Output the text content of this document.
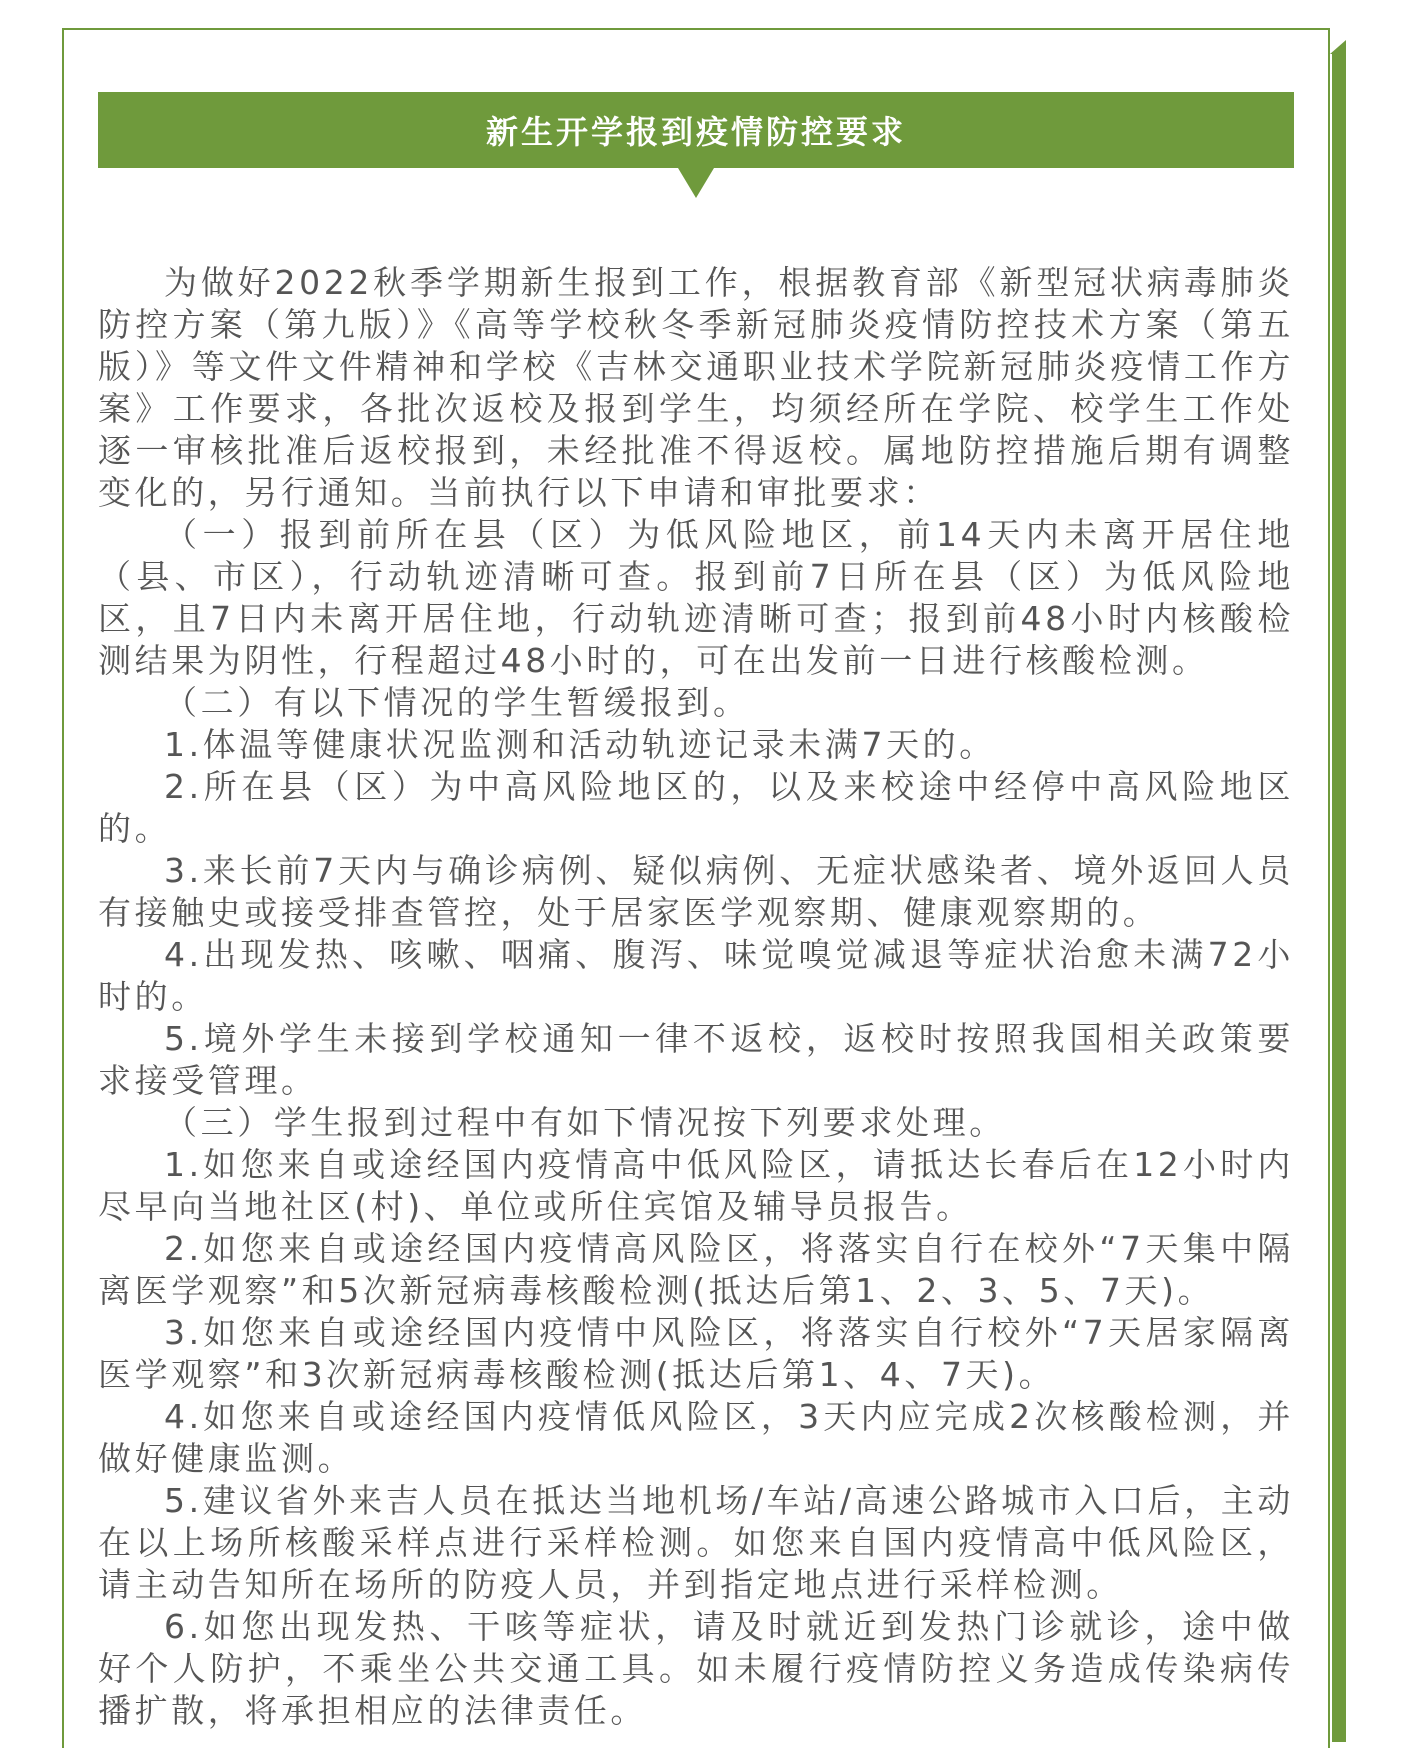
新生开学报到疫情防控要求

为做好2022秋季学期新生报到工作，根据教育部《新型冠状病毒肺炎防控方案（第九版）》《高等学校秋冬季新冠肺炎疫情防控技术方案（第五版）》等文件文件精神和学校《吉林交通职业技术学院新冠肺炎疫情工作方案》工作要求，各批次返校及报到学生，均须经所在学院、校学生工作处逐一审核批准后返校报到，未经批准不得返校。属地防控措施后期有调整变化的，另行通知。当前执行以下申请和审批要求：

（一）报到前所在县（区）为低风险地区，前14天内未离开居住地（县、市区），行动轨迹清晰可查。报到前7日所在县（区）为低风险地区，且7日内未离开居住地，行动轨迹清晰可查；报到前48小时内核酸检测结果为阴性，行程超过48小时的，可在出发前一日进行核酸检测。

（二）有以下情况的学生暂缓报到。

1.体温等健康状况监测和活动轨迹记录未满7天的。

2.所在县（区）为中高风险地区的，以及来校途中经停中高风险地区的。

3.来长前7天内与确诊病例、疑似病例、无症状感染者、境外返回人员有接触史或接受排查管控，处于居家医学观察期、健康观察期的。

4.出现发热、咳嗽、咽痛、腹泻、味觉嗅觉减退等症状治愈未满72小时的。

5.境外学生未接到学校通知一律不返校，返校时按照我国相关政策要求接受管理。

（三）学生报到过程中有如下情况按下列要求处理。

1.如您来自或途经国内疫情高中低风险区，请抵达长春后在12小时内尽早向当地社区(村)、单位或所住宾馆及辅导员报告。

2.如您来自或途经国内疫情高风险区，将落实自行在校外“7天集中隔离医学观察”和5次新冠病毒核酸检测(抵达后第1、2、3、5、7天)。

3.如您来自或途经国内疫情中风险区，将落实自行校外“7天居家隔离医学观察”和3次新冠病毒核酸检测(抵达后第1、4、7天)。

4.如您来自或途经国内疫情低风险区，3天内应完成2次核酸检测，并做好健康监测。

5.建议省外来吉人员在抵达当地机场/车站/高速公路城市入口后，主动在以上场所核酸采样点进行采样检测。如您来自国内疫情高中低风险区，请主动告知所在场所的防疫人员，并到指定地点进行采样检测。

6.如您出现发热、干咳等症状，请及时就近到发热门诊就诊，途中做好个人防护，不乘坐公共交通工具。如未履行疫情防控义务造成传染病传播扩散，将承担相应的法律责任。
